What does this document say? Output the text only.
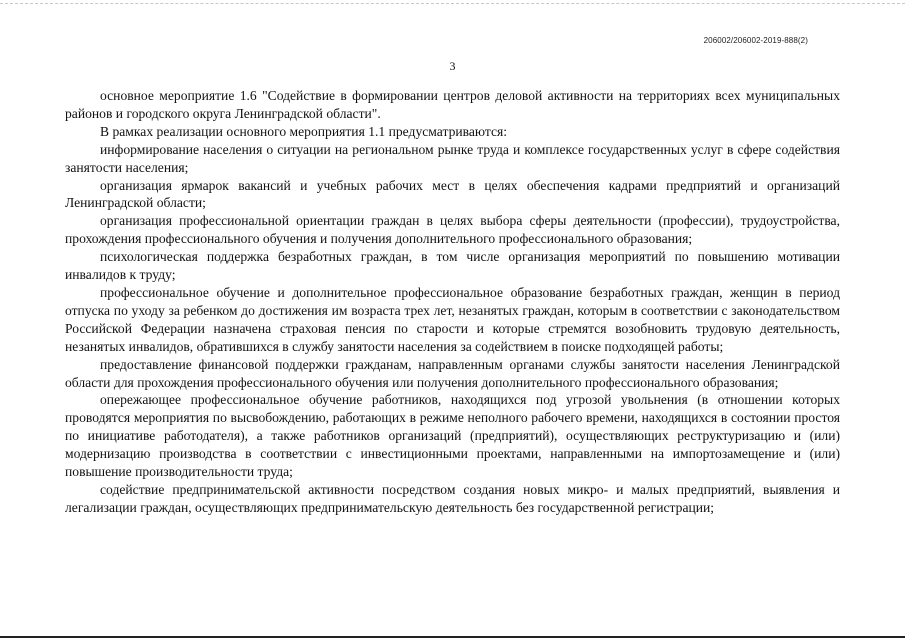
206002/206002-2019-888(2)
3

основное мероприятие 1.6 "Содействие в формировании центров деловой активности на территориях всех муниципальных районов и городского округа Ленинградской области".

В рамках реализации основного мероприятия 1.1 предусматриваются:

информирование населения о ситуации на региональном рынке труда и комплексе государственных услуг в сфере содействия занятости населения;

организация ярмарок вакансий и учебных рабочих мест в целях обеспечения кадрами предприятий и организаций Ленинградской области;

организация профессиональной ориентации граждан в целях выбора сферы деятельности (профессии), трудоустройства, прохождения профессионального обучения и получения дополнительного профессионального образования;

психологическая поддержка безработных граждан, в том числе организация мероприятий по повышению мотивации инвалидов к труду;

профессиональное обучение и дополнительное профессиональное образование безработных граждан, женщин в период отпуска по уходу за ребенком до достижения им возраста трех лет, незанятых граждан, которым в соответствии с законодательством Российской Федерации назначена страховая пенсия по старости и которые стремятся возобновить трудовую деятельность, незанятых инвалидов, обратившихся в службу занятости населения за содействием в поиске подходящей работы;

предоставление финансовой поддержки гражданам, направленным органами службы занятости населения Ленинградской области для прохождения профессионального обучения или получения дополнительного профессионального образования;

опережающее профессиональное обучение работников, находящихся под угрозой увольнения (в отношении которых проводятся мероприятия по высвобождению, работающих в режиме неполного рабочего времени, находящихся в состоянии простоя по инициативе работодателя), а также работников организаций (предприятий), осуществляющих реструктуризацию и (или) модернизацию производства в соответствии с инвестиционными проектами, направленными на импортозамещение и (или) повышение производительности труда;

содействие предпринимательской активности посредством создания новых микро- и малых предприятий, выявления и легализации граждан, осуществляющих предпринимательскую деятельность без государственной регистрации;
